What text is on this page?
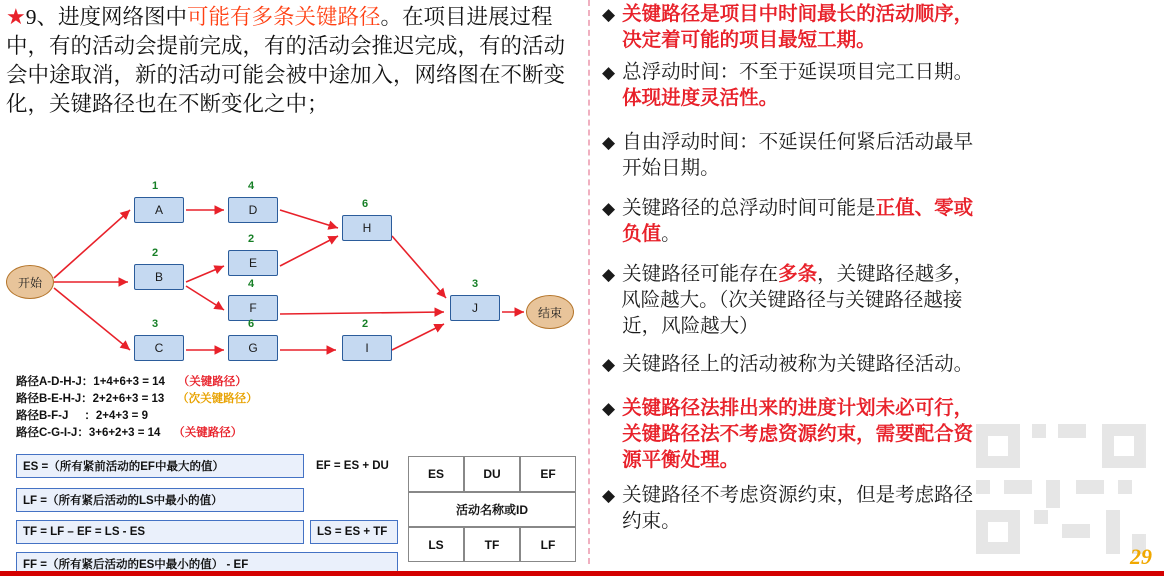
★9、进度网络图中可能有多条关键路径。在项目进展过程中，有的活动会提前完成，有的活动会推迟完成，有的活动会中途取消，新的活动可能会被中途加入，网络图在不断变化，关键路径也在不断变化之中；
开始
结束
1
A
4
D	6
H
2
B
2
E
4
F
3
J
3
C
6
G
2
I
路径A-D-H-J：1+4+6+3 = 14 （关键路径）
路径B-E-H-J：2+2+6+3 = 13 （次关键路径）
路径B-F-J     ：2+4+3 = 9
路径C-G-I-J：3+6+2+3 = 14 （关键路径）
ES =（所有紧前活动的EF中最大的值）	EF = ES + DU
LF =（所有紧后活动的LS中最小的值）
TF = LF – EF = LS - ES	LS = ES + TF
FF =（所有紧后活动的ES中最小的值） - EF
ES	DU	EF
活动名称或ID
LS	TF	LF
◆ 关键路径是项目中时间最长的活动顺序，
决定着可能的项目最短工期。
◆ 总浮动时间：不至于延误项目完工日期。
体现进度灵活性。
◆ 自由浮动时间：不延误任何紧后活动最早
开始日期。
◆ 关键路径的总浮动时间可能是正值、零或
负值。
◆ 关键路径可能存在多条，关键路径越多，
风险越大。（次关键路径与关键路径越接
近，风险越大）
◆ 关键路径上的活动被称为关键路径活动。
◆ 关键路径法排出来的进度计划未必可行，
关键路径法不考虑资源约束，需要配合资
源平衡处理。
◆ 关键路径不考虑资源约束，但是考虑路径
约束。
29
